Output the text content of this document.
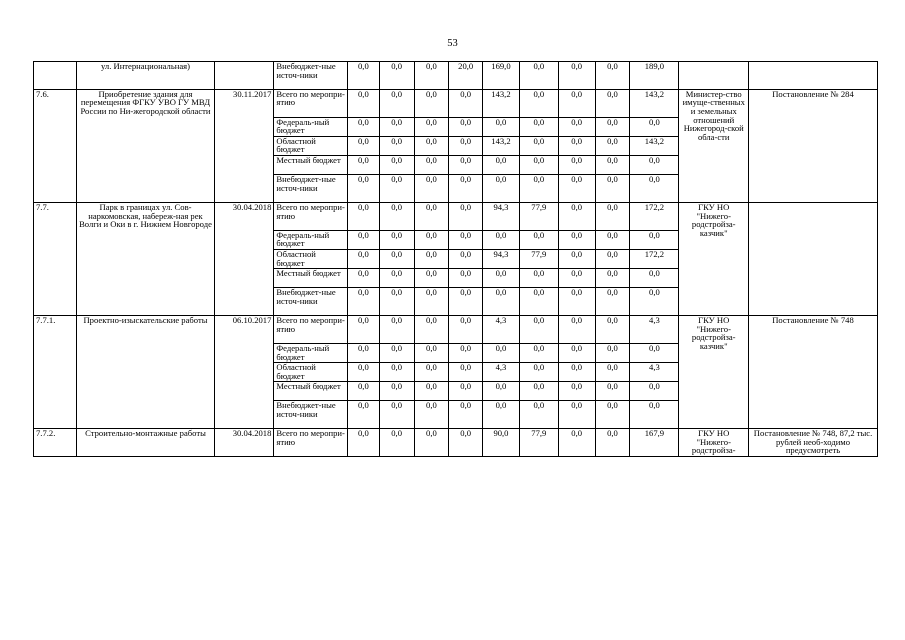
53
	ул. Интернациональная)		Внебюджет-ные источ-ники	0,0	0,0	0,0	20,0	169,0	0,0	0,0	0,0	189,0		
7.6.	Приобретение здания для перемещения ФГКУ УВО ГУ МВД России по Ни-жегородской области	30.11.2017	Всего по меропри-ятию	0,0	0,0	0,0	0,0	143,2	0,0	0,0	0,0	143,2	Министер-ство имуще-ственных и земельных отношений Нижегород-ской обла-сти	Постановление № 284
			Федераль-ный бюджет	0,0	0,0	0,0	0,0	0,0	0,0	0,0	0,0	0,0		
			Областной бюджет	0,0	0,0	0,0	0,0	143,2	0,0	0,0	0,0	143,2		
			Местный бюджет	0,0	0,0	0,0	0,0	0,0	0,0	0,0	0,0	0,0		
			Внебюджет-ные источ-ники	0,0	0,0	0,0	0,0	0,0	0,0	0,0	0,0	0,0		
7.7.	Парк в границах ул. Сов-наркомовская, набереж-ная рек Волги и Оки в г. Нижнем Новгороде	30.04.2018	Всего по меропри-ятию	0,0	0,0	0,0	0,0	94,3	77,9	0,0	0,0	172,2	ГКУ НО "Нижего-родстройза-казчик"	
			Федераль-ный бюджет	0,0	0,0	0,0	0,0	0,0	0,0	0,0	0,0	0,0		
			Областной бюджет	0,0	0,0	0,0	0,0	94,3	77,9	0,0	0,0	172,2		
			Местный бюджет	0,0	0,0	0,0	0,0	0,0	0,0	0,0	0,0	0,0		
			Внебюджет-ные источ-ники	0,0	0,0	0,0	0,0	0,0	0,0	0,0	0,0	0,0		
7.7.1.	Проектно-изыскательские работы	06.10.2017	Всего по меропри-ятию	0,0	0,0	0,0	0,0	4,3	0,0	0,0	0,0	4,3	ГКУ НО "Нижего-родстройза-казчик"	Постановление № 748
			Федераль-ный бюджет	0,0	0,0	0,0	0,0	0,0	0,0	0,0	0,0	0,0		
			Областной бюджет	0,0	0,0	0,0	0,0	4,3	0,0	0,0	0,0	4,3		
			Местный бюджет	0,0	0,0	0,0	0,0	0,0	0,0	0,0	0,0	0,0		
			Внебюджет-ные источ-ники	0,0	0,0	0,0	0,0	0,0	0,0	0,0	0,0	0,0		
7.7.2.	Строительно-монтажные работы	30.04.2018	Всего по меропри-ятию	0,0	0,0	0,0	0,0	90,0	77,9	0,0	0,0	167,9	ГКУ НО "Нижего-родстройза-	Постановление № 748, 87,2 тыс. рублей необ-ходимо предусмотреть
